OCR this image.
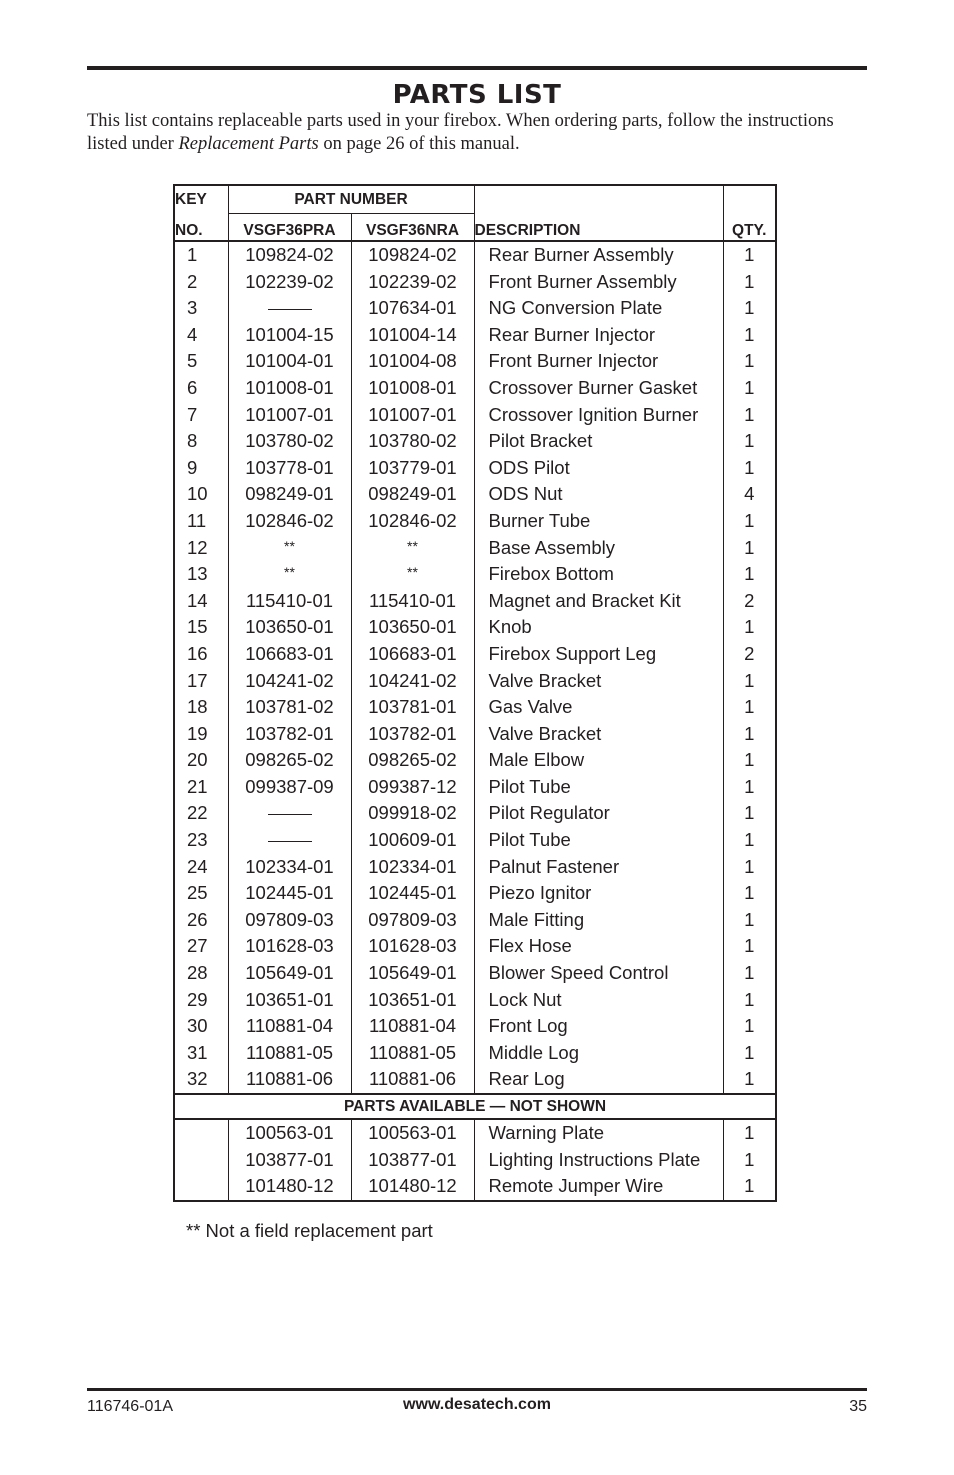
PARTS LIST
This list contains replaceable parts used in your firebox. When ordering parts, follow the instructions listed under Replacement Parts on page 26 of this manual.
KEY	PART NUMBER			
NO.	VSGF36PRA	VSGF36NRA	DESCRIPTION	QTY.
1	109824-02	109824-02	Rear Burner Assembly	1
2	102239-02	102239-02	Front Burner Assembly	1
3		107634-01	NG Conversion Plate	1
4	101004-15	101004-14	Rear Burner Injector	1
5	101004-01	101004-08	Front Burner Injector	1
6	101008-01	101008-01	Crossover Burner Gasket	1
7	101007-01	101007-01	Crossover Ignition Burner	1
8	103780-02	103780-02	Pilot Bracket	1
9	103778-01	103779-01	ODS Pilot	1
10	098249-01	098249-01	ODS Nut	4
11	102846-02	102846-02	Burner Tube	1
12	**	**	Base Assembly	1
13	**	**	Firebox Bottom	1
14	115410-01	115410-01	Magnet and Bracket Kit	2
15	103650-01	103650-01	Knob	1
16	106683-01	106683-01	Firebox Support Leg	2
17	104241-02	104241-02	Valve Bracket	1
18	103781-02	103781-01	Gas Valve	1
19	103782-01	103782-01	Valve Bracket	1
20	098265-02	098265-02	Male Elbow	1
21	099387-09	099387-12	Pilot Tube	1
22		099918-02	Pilot Regulator	1
23		100609-01	Pilot Tube	1
24	102334-01	102334-01	Palnut Fastener	1
25	102445-01	102445-01	Piezo Ignitor	1
26	097809-03	097809-03	Male Fitting	1
27	101628-03	101628-03	Flex Hose	1
28	105649-01	105649-01	Blower Speed Control	1
29	103651-01	103651-01	Lock Nut	1
30	110881-04	110881-04	Front Log	1
31	110881-05	110881-05	Middle Log	1
32	110881-06	110881-06	Rear Log	1
PARTS AVAILABLE — NOT SHOWN				
	100563-01	100563-01	Warning Plate	1
	103877-01	103877-01	Lighting Instructions Plate	1
	101480-12	101480-12	Remote Jumper Wire	1
** Not a field replacement part
116746-01A	www.desatech.com	35
